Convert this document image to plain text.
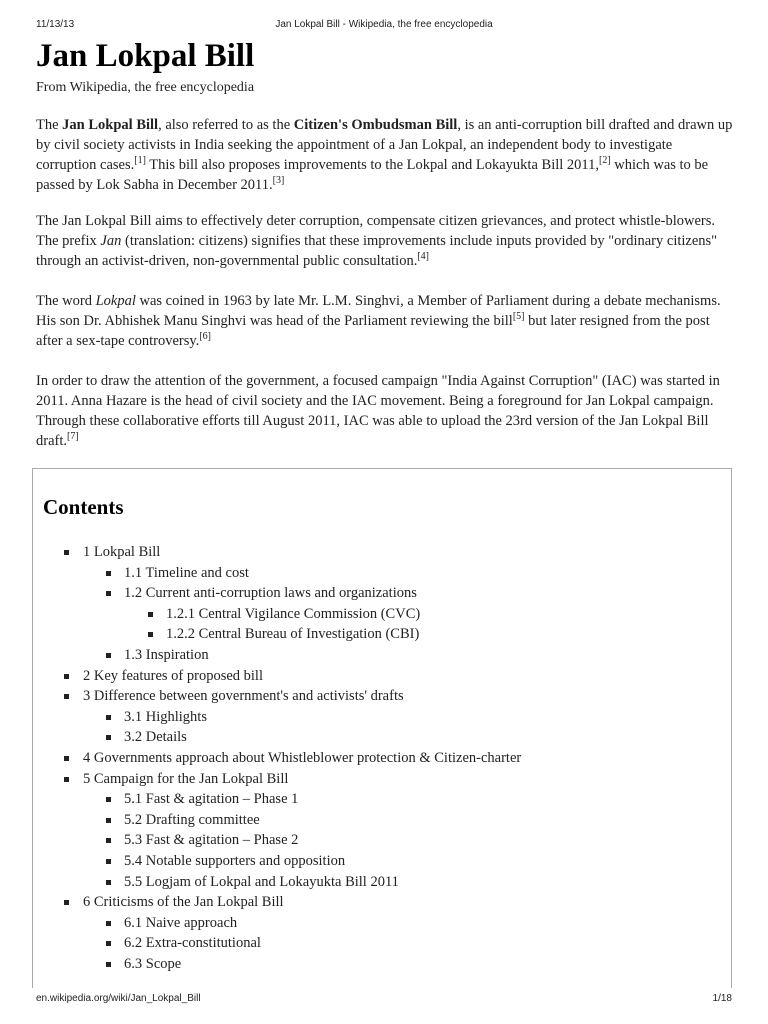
11/13/13	Jan Lokpal Bill - Wikipedia, the free encyclopedia
Jan Lokpal Bill
From Wikipedia, the free encyclopedia

The Jan Lokpal Bill, also referred to as the Citizen's Ombudsman Bill, is an anti-corruption bill drafted and drawn up by civil society activists in India seeking the appointment of a Jan Lokpal, an independent body to investigate corruption cases.[1] This bill also proposes improvements to the Lokpal and Lokayukta Bill 2011,[2] which was to be passed by Lok Sabha in December 2011.[3]

The Jan Lokpal Bill aims to effectively deter corruption, compensate citizen grievances, and protect whistle-blowers. The prefix Jan (translation: citizens) signifies that these improvements include inputs provided by "ordinary citizens" through an activist-driven, non-governmental public consultation.[4]

The word Lokpal was coined in 1963 by late Mr. L.M. Singhvi, a Member of Parliament during a debate mechanisms. His son Dr. Abhishek Manu Singhvi was head of the Parliament reviewing the bill[5] but later resigned from the post after a sex-tape controversy.[6]

In order to draw the attention of the government, a focused campaign "India Against Corruption" (IAC) was started in 2011. Anna Hazare is the head of civil society and the IAC movement. Being a foreground for Jan Lokpal campaign. Through these collaborative efforts till August 2011, IAC was able to upload the 23rd version of the Jan Lokpal Bill draft.[7]

Contents
1 Lokpal Bill
1.1 Timeline and cost
1.2 Current anti-corruption laws and organizations
1.2.1 Central Vigilance Commission (CVC)
1.2.2 Central Bureau of Investigation (CBI)
1.3 Inspiration
2 Key features of proposed bill
3 Difference between government's and activists' drafts
3.1 Highlights
3.2 Details
4 Governments approach about Whistleblower protection & Citizen-charter
5 Campaign for the Jan Lokpal Bill
5.1 Fast & agitation – Phase 1
5.2 Drafting committee
5.3 Fast & agitation – Phase 2
5.4 Notable supporters and opposition
5.5 Logjam of Lokpal and Lokayukta Bill 2011
6 Criticisms of the Jan Lokpal Bill
6.1 Naive approach
6.2 Extra-constitutional
6.3 Scope
en.wikipedia.org/wiki/Jan_Lokpal_Bill	1/18
